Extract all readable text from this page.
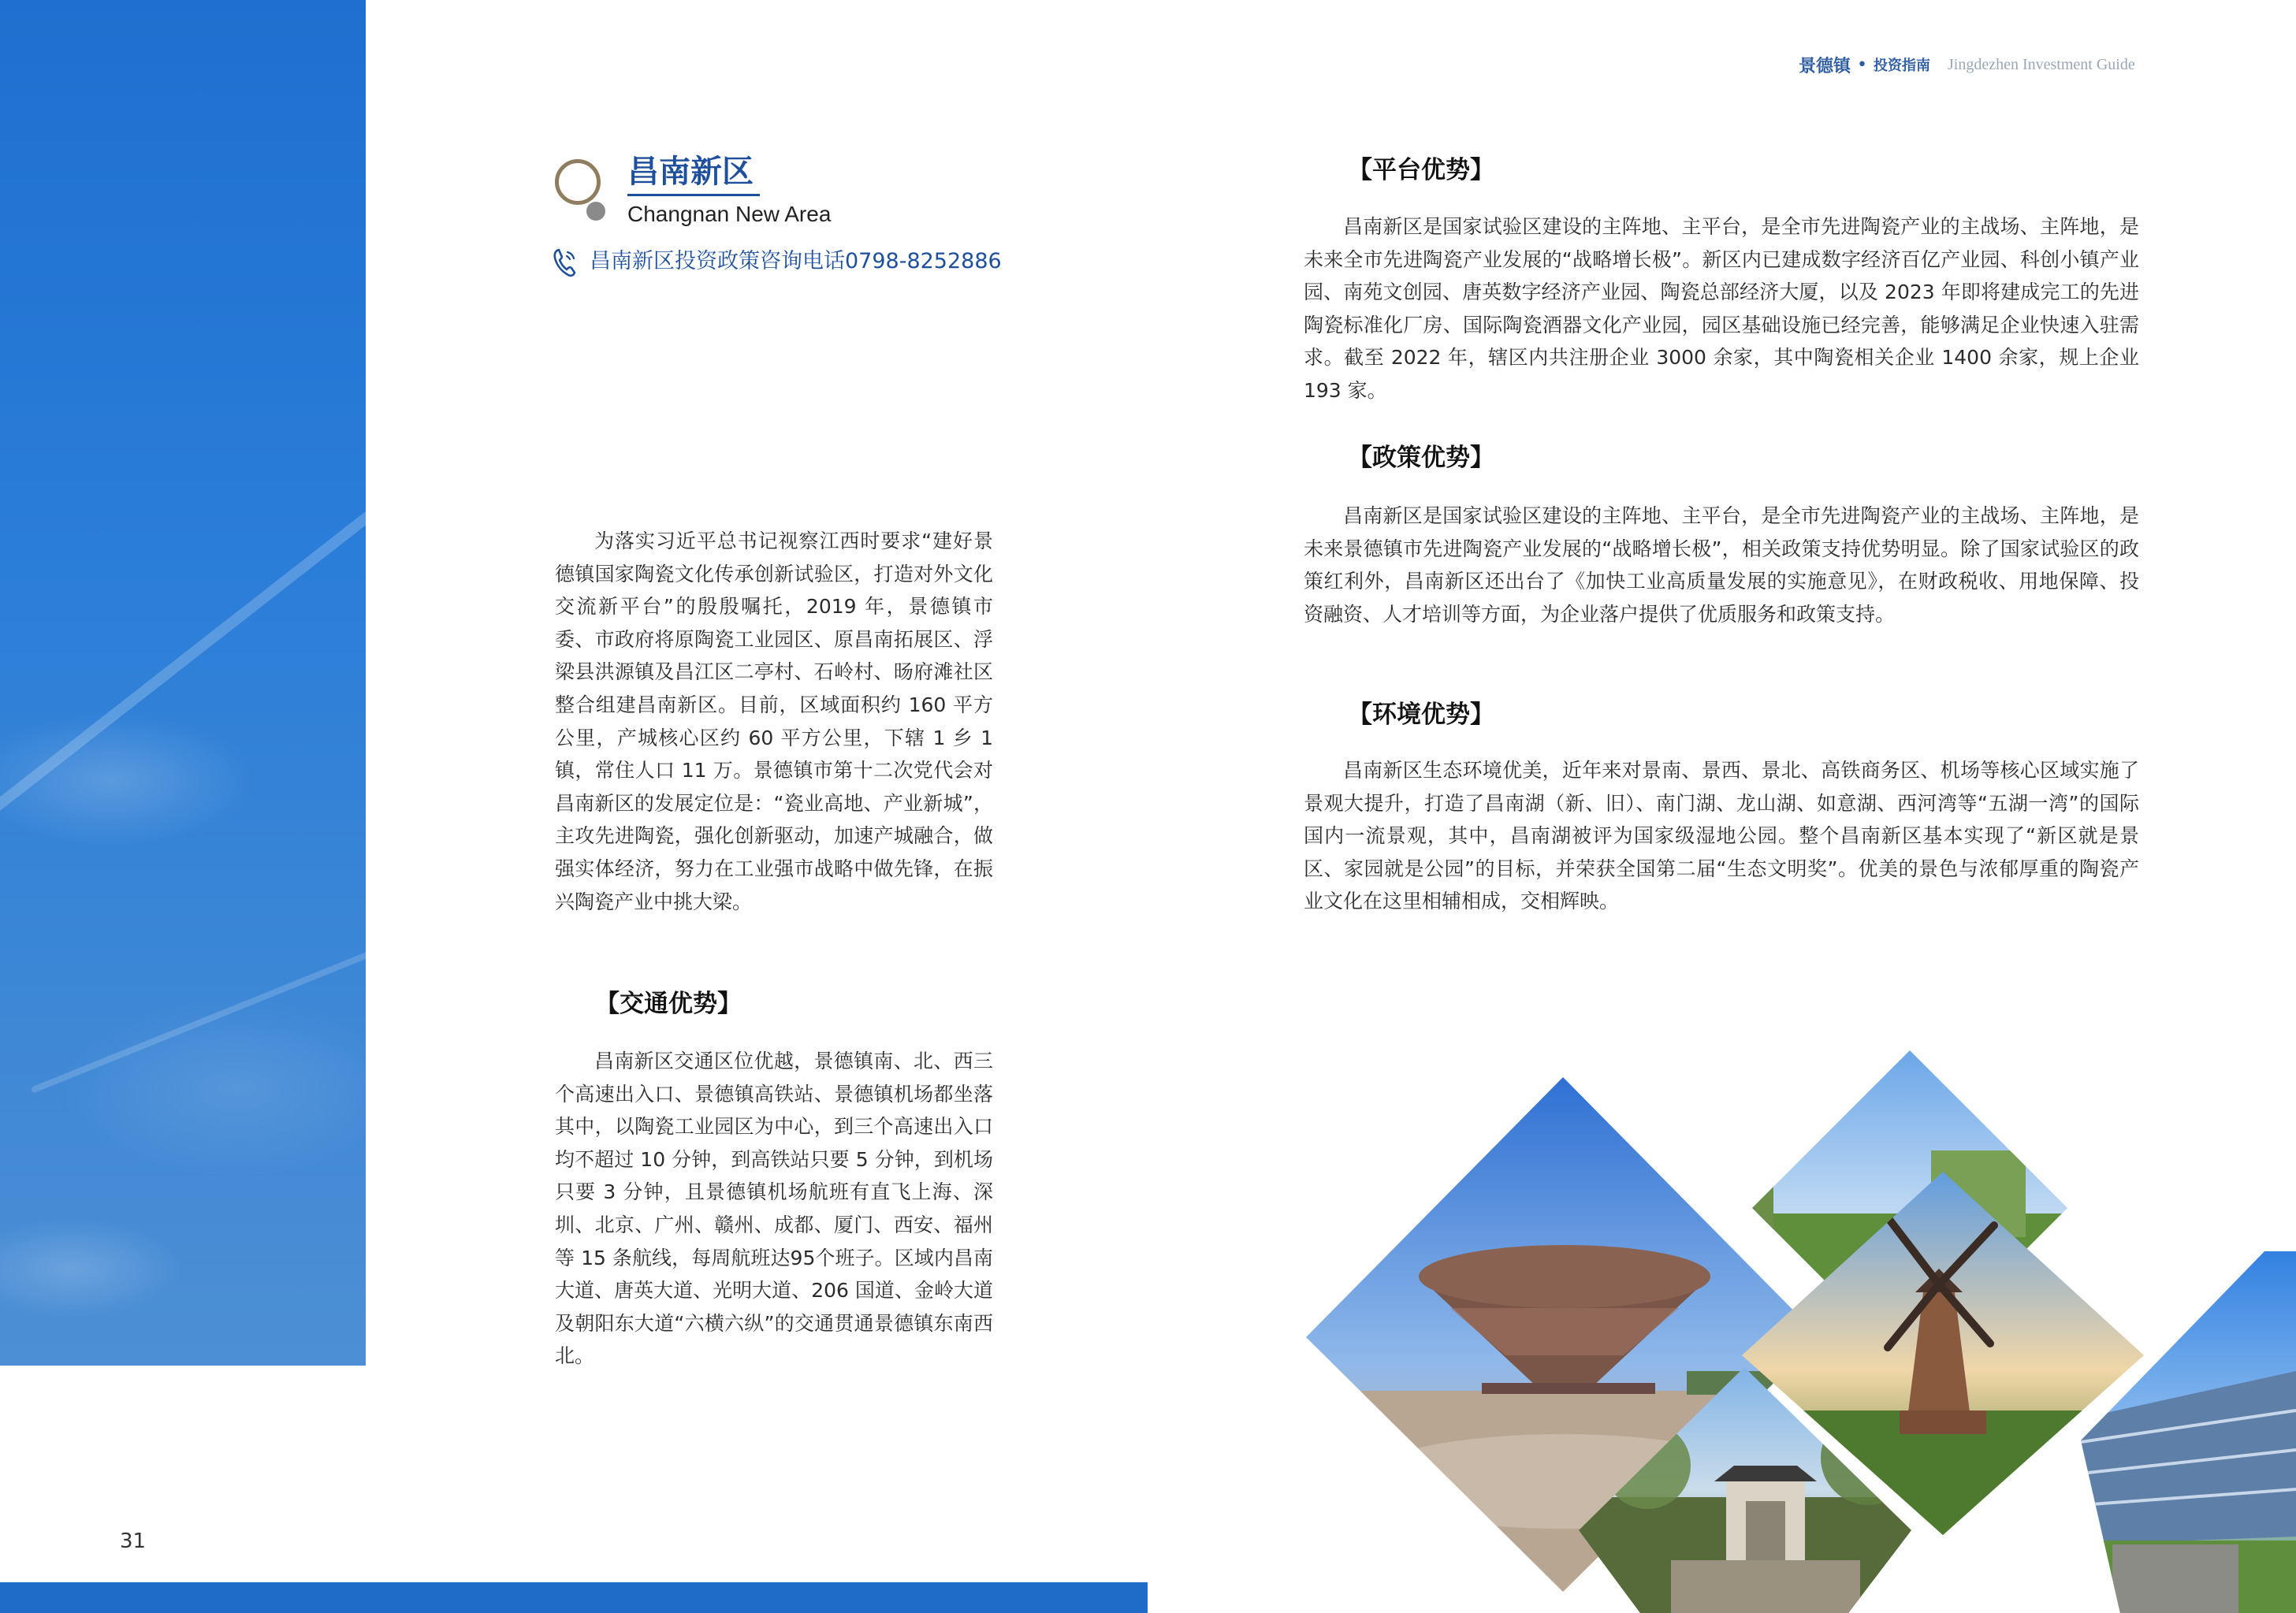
景德镇 • 投资指南 Jingdezhen Investment Guide
昌南新区
Changnan New Area
昌南新区投资政策咨询电话0798-8252886

为落实习近平总书记视察江西时要求“建好景德镇国家陶瓷文化传承创新试验区，打造对外文化交流新平台”的殷殷嘱托，2019 年，景德镇市委、市政府将原陶瓷工业园区、原昌南拓展区、浮梁县洪源镇及昌江区二亭村、石岭村、旸府滩社区整合组建昌南新区。目前，区域面积约 160 平方公里，产城核心区约 60 平方公里，下辖 1 乡 1 镇，常住人口 11 万。景德镇市第十二次党代会对昌南新区的发展定位是：“瓷业高地、产业新城”，主攻先进陶瓷，强化创新驱动，加速产城融合，做强实体经济，努力在工业强市战略中做先锋，在振兴陶瓷产业中挑大梁。

【交通优势】

昌南新区交通区位优越，景德镇南、北、西三个高速出入口、景德镇高铁站、景德镇机场都坐落其中，以陶瓷工业园区为中心，到三个高速出入口均不超过 10 分钟，到高铁站只要 5 分钟，到机场只要 3 分钟，且景德镇机场航班有直飞上海、深圳、北京、广州、赣州、成都、厦门、西安、福州等 15 条航线，每周航班达95个班子。区域内昌南大道、唐英大道、光明大道、206 国道、金岭大道及朝阳东大道“六横六纵”的交通贯通景德镇东南西北。

【平台优势】

昌南新区是国家试验区建设的主阵地、主平台，是全市先进陶瓷产业的主战场、主阵地，是未来全市先进陶瓷产业发展的“战略增长极”。新区内已建成数字经济百亿产业园、科创小镇产业园、南苑文创园、唐英数字经济产业园、陶瓷总部经济大厦，以及 2023 年即将建成完工的先进陶瓷标准化厂房、国际陶瓷酒器文化产业园，园区基础设施已经完善，能够满足企业快速入驻需求。截至 2022 年，辖区内共注册企业 3000 余家，其中陶瓷相关企业 1400 余家，规上企业 193 家。

【政策优势】

昌南新区是国家试验区建设的主阵地、主平台，是全市先进陶瓷产业的主战场、主阵地，是未来景德镇市先进陶瓷产业发展的“战略增长极”，相关政策支持优势明显。除了国家试验区的政策红利外，昌南新区还出台了《加快工业高质量发展的实施意见》，在财政税收、用地保障、投资融资、人才培训等方面，为企业落户提供了优质服务和政策支持。

【环境优势】

昌南新区生态环境优美，近年来对景南、景西、景北、高铁商务区、机场等核心区域实施了景观大提升，打造了昌南湖（新、旧）、南门湖、龙山湖、如意湖、西河湾等“五湖一湾”的国际国内一流景观，其中，昌南湖被评为国家级湿地公园。整个昌南新区基本实现了“新区就是景区、家园就是公园”的目标，并荣获全国第二届“生态文明奖”。优美的景色与浓郁厚重的陶瓷产业文化在这里相辅相成，交相辉映。

31
